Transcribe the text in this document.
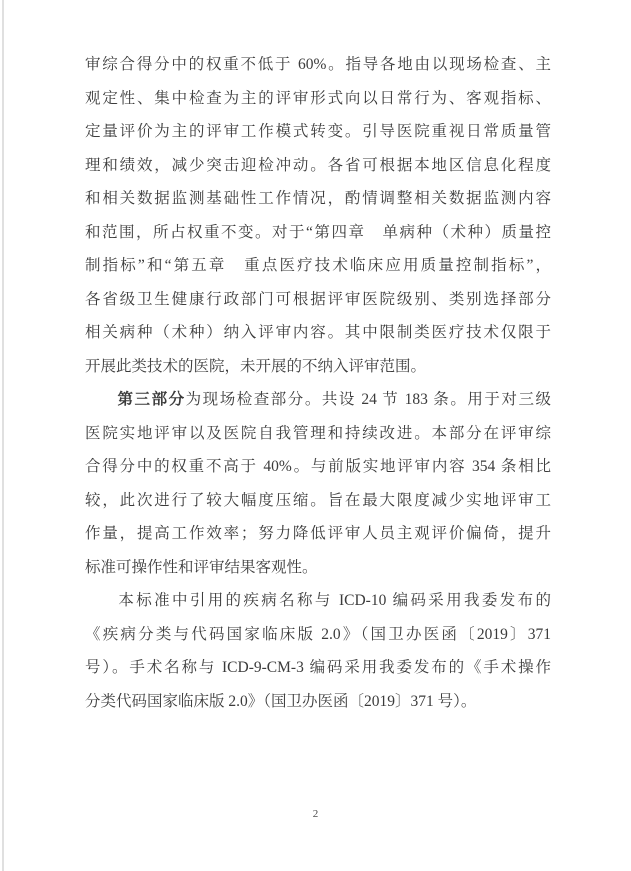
审综合得分中的权重不低于 60%。指导各地由以现场检查、主
观定性、集中检查为主的评审形式向以日常行为、客观指标、
定量评价为主的评审工作模式转变。引导医院重视日常质量管
理和绩效，减少突击迎检冲动。各省可根据本地区信息化程度
和相关数据监测基础性工作情况，酌情调整相关数据监测内容
和范围，所占权重不变。对于“第四章　单病种（术种）质量控
制指标”和“第五章　重点医疗技术临床应用质量控制指标”，
各省级卫生健康行政部门可根据评审医院级别、类别选择部分
相关病种（术种）纳入评审内容。其中限制类医疗技术仅限于
开展此类技术的医院，未开展的不纳入评审范围。
第三部分为现场检查部分。共设 24 节 183 条。用于对三级
医院实地评审以及医院自我管理和持续改进。本部分在评审综
合得分中的权重不高于 40%。与前版实地评审内容 354 条相比
较，此次进行了较大幅度压缩。旨在最大限度减少实地评审工
作量，提高工作效率；努力降低评审人员主观评价偏倚，提升
标准可操作性和评审结果客观性。
本标准中引用的疾病名称与 ICD-10 编码采用我委发布的
《疾病分类与代码国家临床版 2.0》（国卫办医函〔2019〕371
号）。手术名称与 ICD-9-CM-3 编码采用我委发布的《手术操作
分类代码国家临床版 2.0》（国卫办医函〔2019〕371 号）。
2
